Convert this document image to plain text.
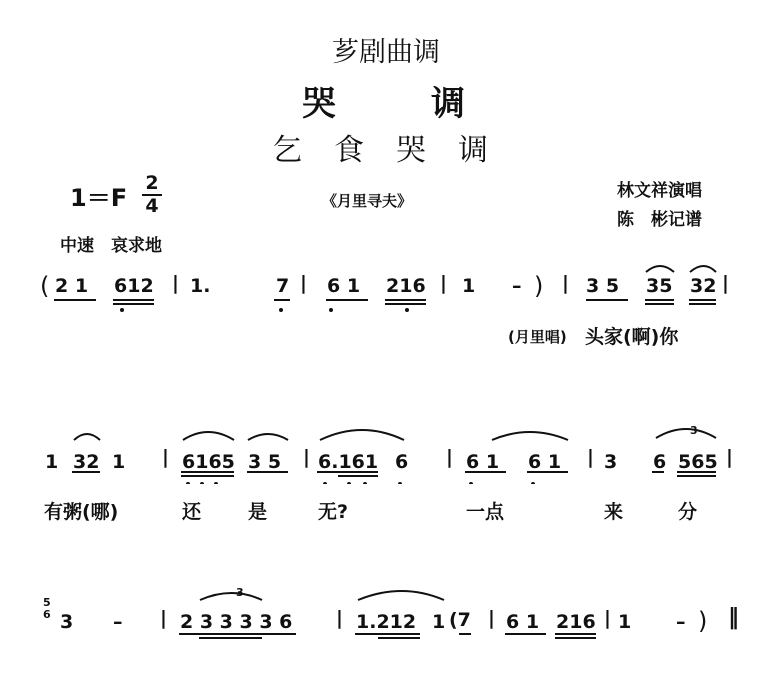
芗剧曲调
哭调
乞食哭调
1＝F
2
4	《月里寻夫》	林文祥演唱
陈　彬记谱
中速　哀求地
( 2 1 612 | 1.	7 | 6 1 216 | 1 – ) | 3 5 35 32 |
(月里唱) 头家(啊)你
1 32 1 | 6165 3 5 | 6.161 6 | 6 1 6 1 | 3 6 565 |
3
有粥(哪)	还 是	无?	一点	来	分
5
6 3 – | 2 3 3 3 3 6 | 1.212 1 (7 | 6 1 216 | 1 – ) ‖
3
